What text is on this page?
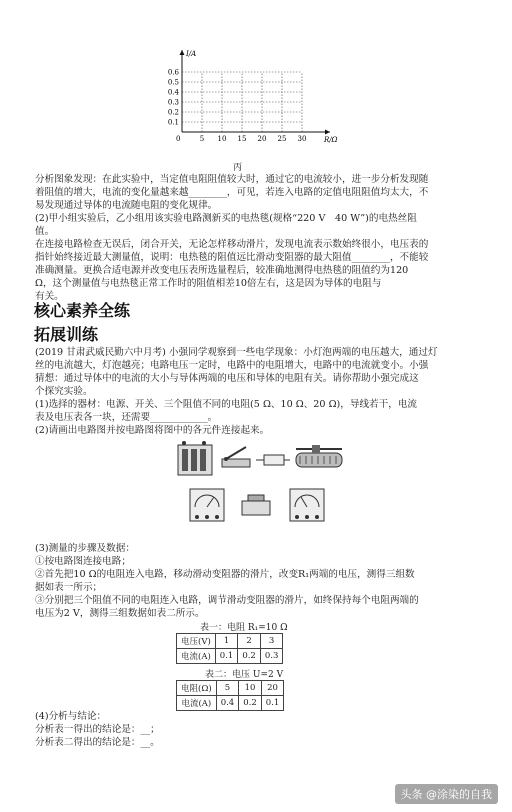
I/A
R/Ω
0	5 10 15 20 25 30
0.6
0.5
0.4
0.3
0.2
0.1
丙
分析图象发现：在此实验中，当定值电阻阻值较大时，通过它的电流较小，进一步分析发现随
着阻值的增大，电流的变化量越来越________，可见，若连入电路的定值电阻阻值均太大，不
易发现通过导体的电流随电阻的变化规律。
(2)甲小组实验后，乙小组用该实验电路测新买的电热毯(规格“220 V　40 W”)的电热丝阻
值。
在连接电路检查无误后，闭合开关，无论怎样移动滑片，发现电流表示数始终很小，电压表的
指针始终接近最大测量值，说明：电热毯的阻值远比滑动变阻器的最大阻值________，不能较
准确测量。更换合适电源并改变电压表所选量程后，较准确地测得电热毯的阻值约为120
Ω，这个测量值与电热毯正常工作时的阻值相差10倍左右，这是因为导体的电阻与
有关。
核心素养全练
拓展训练
(2019 甘肃武威民勤六中月考) 小强同学观察到一些电学现象：小灯泡两端的电压越大，通过灯
丝的电流越大，灯泡越亮；电路电压一定时，电路中的电阻增大，电路中的电流就变小。小强
猜想：通过导体中的电流的大小与导体两端的电压和导体的电阻有关。请你帮助小强完成这
个探究实验。
(1)选择的器材：电源、开关、三个阻值不同的电阻(5 Ω、10 Ω、20 Ω)，导线若干，电流
表及电压表各一块，还需要____________。
(2)请画出电路图并按电路图将图中的各元件连接起来。
(3)测量的步骤及数据：
①按电路图连接电路；
②首先把10 Ω的电阻连入电路，移动滑动变阻器的滑片，改变R₁两端的电压，测得三组数
据如表一所示；
③分别把三个阻值不同的电阻连入电路，调节滑动变阻器的滑片，如终保持每个电阻两端的
电压为2 V，测得三组数据如表二所示。
表一：电阻 R₁=10 Ω
电压(V)	1	2	3
电流(A)	0.1	0.2	0.3
表二：电压 U=2 V
电阻(Ω)	5	10	20
电流(A)	0.4	0.2	0.1
(4)分析与结论：
分析表一得出的结论是：__；
分析表二得出的结论是：__。
头条 @涂染的自我
